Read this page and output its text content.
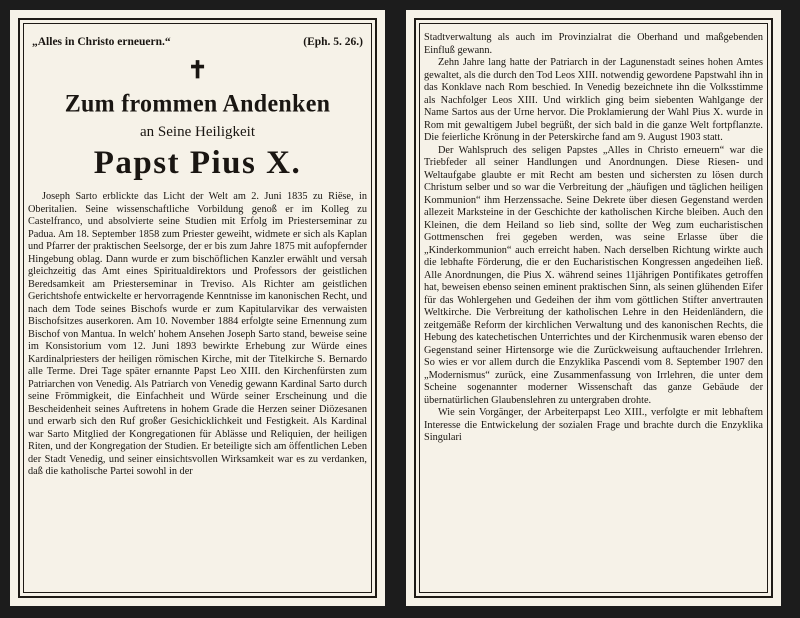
„Alles in Christo erneuern.“	(Eph. 5. 26.)
✝
Zum frommen Andenken
an Seine Heiligkeit
Papst Pius X.

Joseph Sarto erblickte das Licht der Welt am 2. Juni 1835 zu Riëse, in Oberitalien. Seine wissenschaftliche Vorbildung genoß er im Kolleg zu Castelfranco, und absolvierte seine Studien mit Erfolg im Priesterseminar zu Padua. Am 18. September 1858 zum Priester geweiht, widmete er sich als Kaplan und Pfarrer der praktischen Seelsorge, der er bis zum Jahre 1875 mit aufopfernder Hingebung oblag. Dann wurde er zum bischöflichen Kanzler erwählt und versah gleichzeitig das Amt eines Spiritualdirektors und Professors der geistlichen Beredsamkeit am Priesterseminar in Treviso. Als Richter am geistlichen Gerichtshofe entwickelte er hervorragende Kenntnisse im kanonischen Recht, und nach dem Tode seines Bischofs wurde er zum Kapitularvikar des verwaisten Bischofsitzes auserkoren. Am 10. November 1884 erfolgte seine Ernennung zum Bischof von Mantua. In welch' hohem Ansehen Joseph Sarto stand, beweise seine im Konsistorium vom 12. Juni 1893 bewirkte Erhebung zur Würde eines Kardinalpriesters der heiligen römischen Kirche, mit der Titelkirche S. Bernardo alle Terme. Drei Tage später ernannte Papst Leo XIII. den Kirchenfürsten zum Patriarchen von Venedig. Als Patriarch von Venedig gewann Kardinal Sarto durch seine Frömmigkeit, die Einfachheit und Würde seiner Erscheinung und die Bescheidenheit seines Auftretens in hohem Grade die Herzen seiner Diözesanen und erwarb sich den Ruf großer Gesichicklichkeit und Festigkeit. Als Kardinal war Sarto Mitglied der Kongregationen für Ablässe und Reliquien, der heiligen Riten, und der Kongregation der Studien. Er beteiligte sich am öffentlichen Leben der Stadt Venedig, und seiner einsichtsvollen Wirksamkeit war es zu verdanken, daß die katholische Partei sowohl in der

Stadtverwaltung als auch im Provinzialrat die Oberhand und maßgebenden Einfluß gewann.

Zehn Jahre lang hatte der Patriarch in der Lagunenstadt seines hohen Amtes gewaltet, als die durch den Tod Leos XIII. notwendig gewordene Papstwahl ihn in das Konklave nach Rom beschied. In Venedig bezeichnete ihn die Volksstimme als Nachfolger Leos XIII. Und wirklich ging beim siebenten Wahlgange der Name Sartos aus der Urne hervor. Die Proklamierung der Wahl Pius X. wurde in Rom mit gewaltigem Jubel begrüßt, der sich bald in die ganze Welt fortpflanzte. Die feierliche Krönung in der Peterskirche fand am 9. August 1903 statt.

Der Wahlspruch des seligen Papstes „Alles in Christo erneuern“ war die Triebfeder all seiner Handlungen und Anordnungen. Diese Riesen- und Weltaufgabe glaubte er mit Recht am besten und sichersten zu lösen durch Christum selber und so war die Verbreitung der „häufigen und täglichen heiligen Kommunion“ ihm Herzenssache. Seine Dekrete über diesen Gegenstand werden allezeit Marksteine in der Geschichte der katholischen Kirche bleiben. Auch den Kleinen, die dem Heiland so lieb sind, sollte der Weg zum eucharistischen Gottmenschen frei gegeben werden, was seine Erlasse über die „Kinderkommunion“ auch erreicht haben. Nach derselben Richtung wirkte auch die lebhafte Förderung, die er den Eucharistischen Kongressen angedeihen ließ. Alle Anordnungen, die Pius X. während seines 11jährigen Pontifikates getroffen hat, beweisen ebenso seinen eminent praktischen Sinn, als seinen glühenden Eifer für das Wohlergehen und Gedeihen der ihm vom göttlichen Stifter anvertrauten Weltkirche. Die Verbreitung der katholischen Lehre in den Heidenländern, die zeitgemäße Reform der kirchlichen Verwaltung und des kanonischen Rechts, die Hebung des katechetischen Unterrichtes und der Kirchenmusik waren ebenso der Gegenstand seiner Hirtensorge wie die Zurückweisung auftauchender Irrlehren. So wies er vor allem durch die Enzyklika Pascendi vom 8. September 1907 den „Modernismus“ zurück, eine Zusammenfassung von Irrlehren, die unter dem Scheine sogenannter moderner Wissenschaft das ganze Gebäude der übernatürlichen Glaubenslehren zu untergraben drohte.

Wie sein Vorgänger, der Arbeiterpapst Leo XIII., verfolgte er mit lebhaftem Interesse die Entwickelung der sozialen Frage und brachte durch die Enzyklika Singulari
